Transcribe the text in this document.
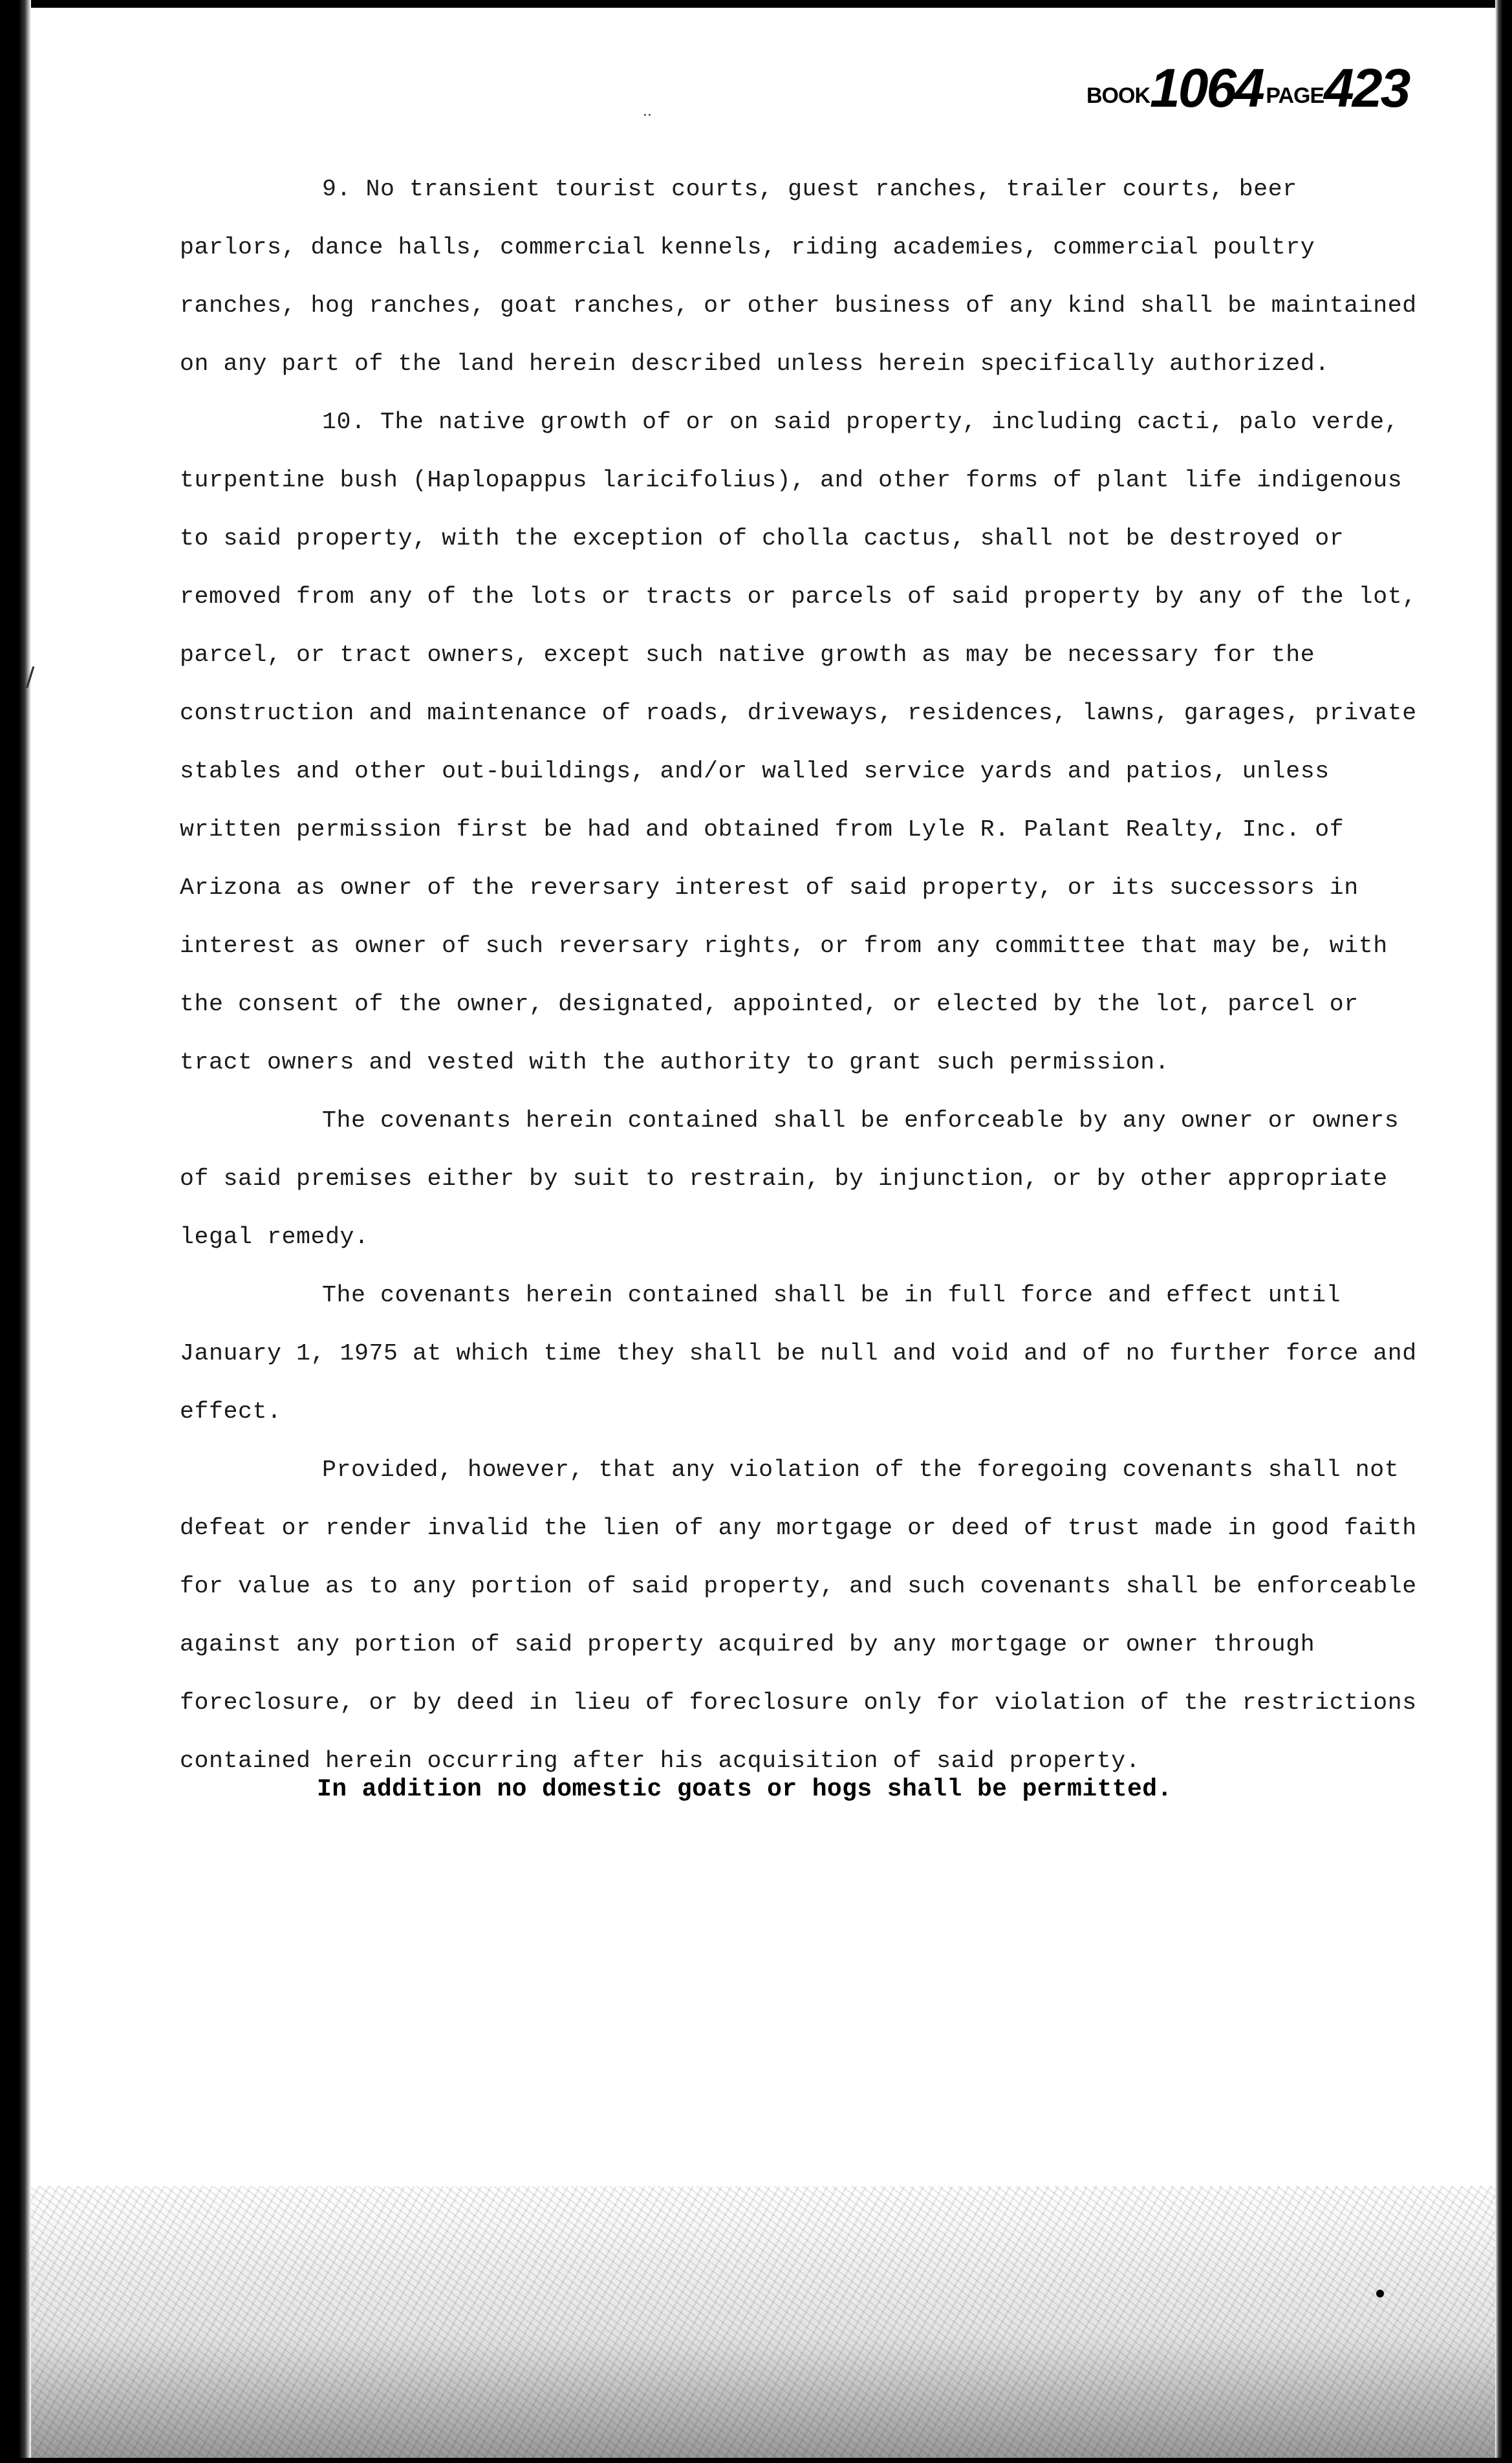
BOOK1064 PAGE423
..
/

9. No transient tourist courts, guest ranches, trailer courts, beer parlors, dance halls, commercial kennels, riding academies, commercial poultry ranches, hog ranches, goat ranches, or other business of any kind shall be maintained on any part of the land herein described unless herein specifically authorized.

10. The native growth of or on said property, including cacti, palo verde, turpentine bush (Haplopappus laricifolius), and other forms of plant life indigenous to said property, with the exception of cholla cactus, shall not be destroyed or removed from any of the lots or tracts or parcels of said property by any of the lot, parcel, or tract owners, except such native growth as may be necessary for the construction and maintenance of roads, driveways, residences, lawns, garages, private stables and other out-buildings, and/or walled service yards and patios, unless written permission first be had and obtained from Lyle R. Palant Realty, Inc. of Arizona as owner of the reversary interest of said property, or its successors in interest as owner of such reversary rights, or from any committee that may be, with the consent of the owner, designated, appointed, or elected by the lot, parcel or tract owners and vested with the authority to grant such permission.

The covenants herein contained shall be enforceable by any owner or owners of said premises either by suit to restrain, by injunction, or by other appropriate legal remedy.

The covenants herein contained shall be in full force and effect until January 1, 1975 at which time they shall be null and void and of no further force and effect.

Provided, however, that any violation of the foregoing covenants shall not defeat or render invalid the lien of any mortgage or deed of trust made in good faith for value as to any portion of said property, and such covenants shall be enforceable against any portion of said property acquired by any mortgage or owner through foreclosure, or by deed in lieu of foreclosure only for violation of the restrictions contained herein occurring after his acquisition of said property.

In addition no domestic goats or hogs shall be permitted.
